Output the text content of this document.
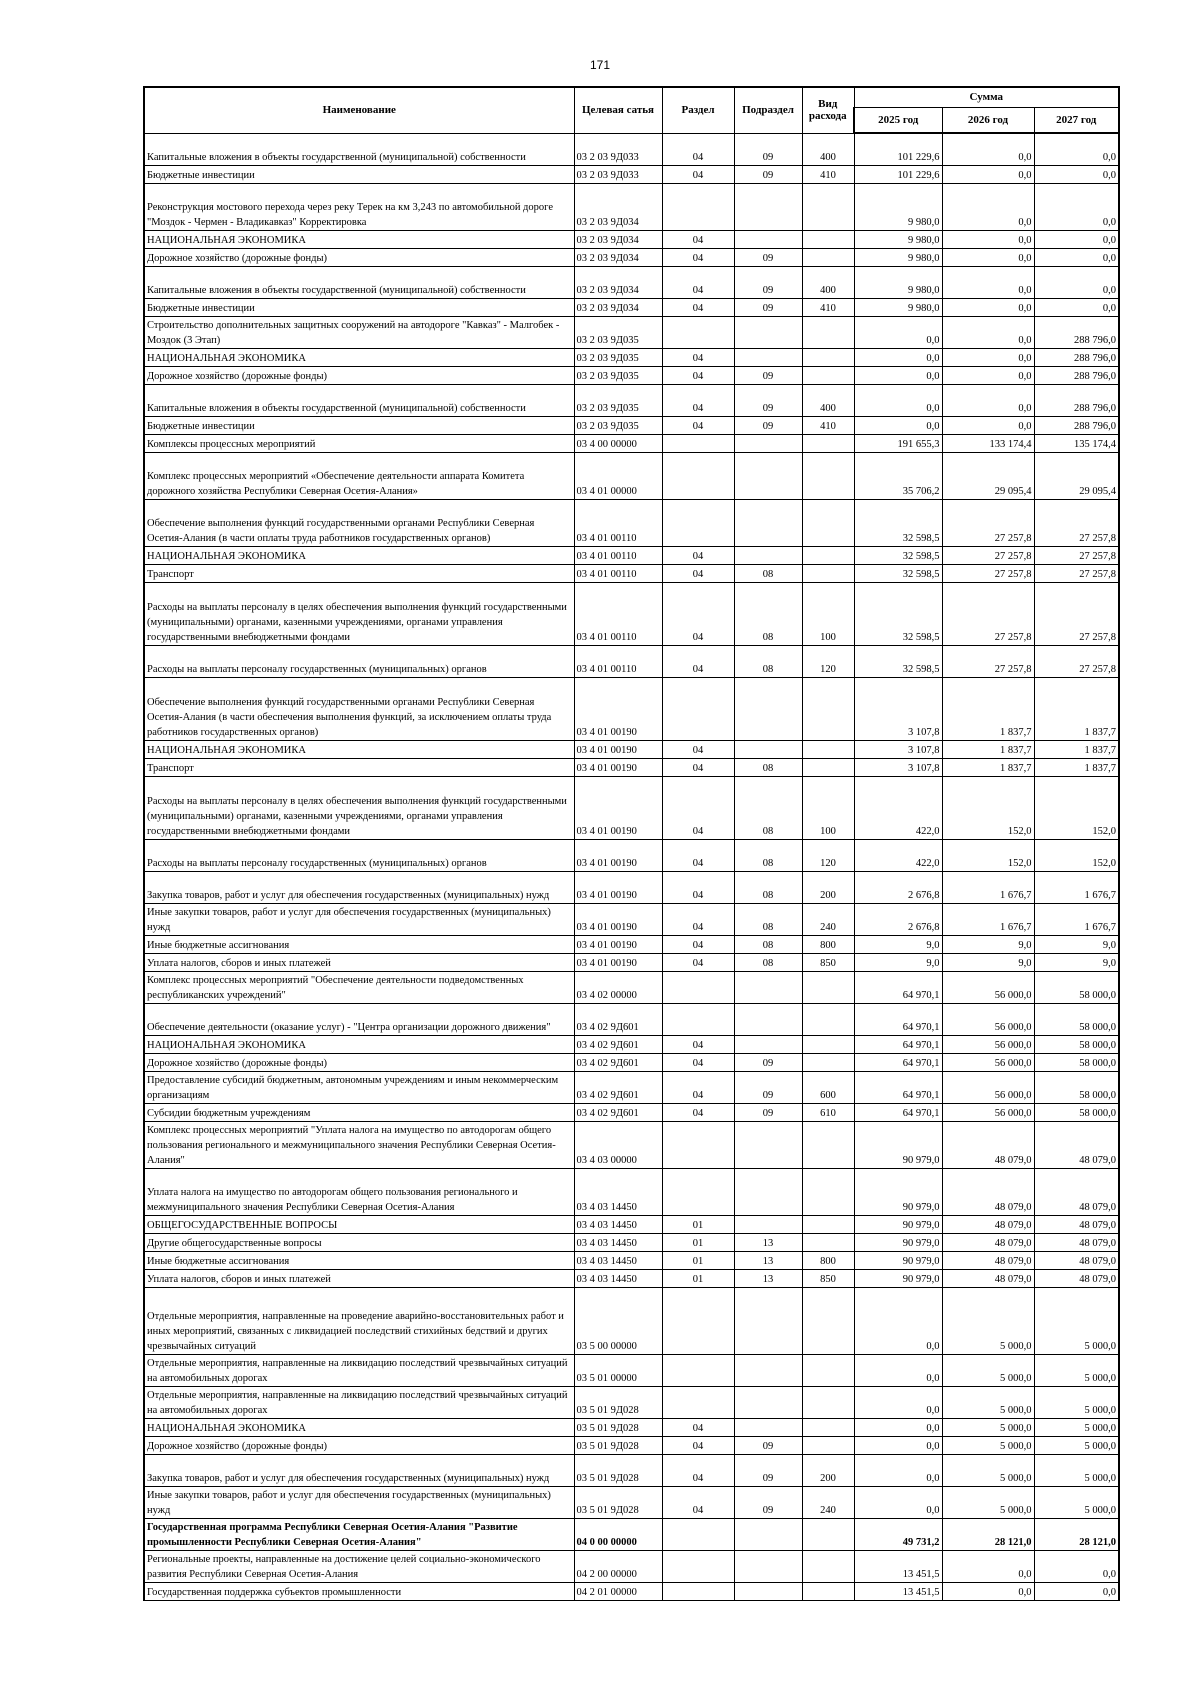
171
Наименование	Целевая сатья	Раздел	Подраздел	Вид расхода	Сумма		
					2025 год	2026 год	2027 год
Капитальные вложения в объекты государственной (муниципальной) собственности	03 2 03 9Д033	04	09	400	101 229,6	0,0	0,0
Бюджетные инвестиции	03 2 03 9Д033	04	09	410	101 229,6	0,0	0,0
Реконструкция мостового перехода через реку Терек на км 3,243 по автомобильной дороге "Моздок - Чермен - Владикавказ" Корректировка	03 2 03 9Д034				9 980,0	0,0	0,0
НАЦИОНАЛЬНАЯ ЭКОНОМИКА	03 2 03 9Д034	04			9 980,0	0,0	0,0
Дорожное хозяйство (дорожные фонды)	03 2 03 9Д034	04	09		9 980,0	0,0	0,0
Капитальные вложения в объекты государственной (муниципальной) собственности	03 2 03 9Д034	04	09	400	9 980,0	0,0	0,0
Бюджетные инвестиции	03 2 03 9Д034	04	09	410	9 980,0	0,0	0,0
Строительство дополнительных защитных сооружений на автодороге "Кавказ" - Малгобек - Моздок (3 Этап)	03 2 03 9Д035				0,0	0,0	288 796,0
НАЦИОНАЛЬНАЯ ЭКОНОМИКА	03 2 03 9Д035	04			0,0	0,0	288 796,0
Дорожное хозяйство (дорожные фонды)	03 2 03 9Д035	04	09		0,0	0,0	288 796,0
Капитальные вложения в объекты государственной (муниципальной) собственности	03 2 03 9Д035	04	09	400	0,0	0,0	288 796,0
Бюджетные инвестиции	03 2 03 9Д035	04	09	410	0,0	0,0	288 796,0
Комплексы процессных мероприятий	03 4 00 00000				191 655,3	133 174,4	135 174,4
Комплекс процессных мероприятий «Обеспечение деятельности аппарата Комитета дорожного хозяйства Республики Северная Осетия-Алания»	03 4 01 00000				35 706,2	29 095,4	29 095,4
Обеспечение выполнения функций государственными органами Республики Северная Осетия-Алания (в части оплаты труда работников государственных органов)	03 4 01 00110				32 598,5	27 257,8	27 257,8
НАЦИОНАЛЬНАЯ ЭКОНОМИКА	03 4 01 00110	04			32 598,5	27 257,8	27 257,8
Транспорт	03 4 01 00110	04	08		32 598,5	27 257,8	27 257,8
Расходы на выплаты персоналу в целях обеспечения выполнения функций государственными (муниципальными) органами, казенными учреждениями, органами управления государственными внебюджетными фондами	03 4 01 00110	04	08	100	32 598,5	27 257,8	27 257,8
Расходы на выплаты персоналу государственных (муниципальных) органов	03 4 01 00110	04	08	120	32 598,5	27 257,8	27 257,8
Обеспечение выполнения функций государственными органами Республики Северная Осетия-Алания (в части обеспечения выполнения функций, за исключением оплаты труда работников государственных органов)	03 4 01 00190				3 107,8	1 837,7	1 837,7
НАЦИОНАЛЬНАЯ ЭКОНОМИКА	03 4 01 00190	04			3 107,8	1 837,7	1 837,7
Транспорт	03 4 01 00190	04	08		3 107,8	1 837,7	1 837,7
Расходы на выплаты персоналу в целях обеспечения выполнения функций государственными (муниципальными) органами, казенными учреждениями, органами управления государственными внебюджетными фондами	03 4 01 00190	04	08	100	422,0	152,0	152,0
Расходы на выплаты персоналу государственных (муниципальных) органов	03 4 01 00190	04	08	120	422,0	152,0	152,0
Закупка товаров, работ и услуг для обеспечения государственных (муниципальных) нужд	03 4 01 00190	04	08	200	2 676,8	1 676,7	1 676,7
Иные закупки товаров, работ и услуг для обеспечения государственных (муниципальных) нужд	03 4 01 00190	04	08	240	2 676,8	1 676,7	1 676,7
Иные бюджетные ассигнования	03 4 01 00190	04	08	800	9,0	9,0	9,0
Уплата налогов, сборов и иных платежей	03 4 01 00190	04	08	850	9,0	9,0	9,0
Комплекс процессных мероприятий "Обеспечение деятельности подведомственных республиканских учреждений"	03 4 02 00000				64 970,1	56 000,0	58 000,0
Обеспечение деятельности (оказание услуг) - "Центра организации дорожного движения"	03 4 02 9Д601				64 970,1	56 000,0	58 000,0
НАЦИОНАЛЬНАЯ ЭКОНОМИКА	03 4 02 9Д601	04			64 970,1	56 000,0	58 000,0
Дорожное хозяйство (дорожные фонды)	03 4 02 9Д601	04	09		64 970,1	56 000,0	58 000,0
Предоставление субсидий бюджетным, автономным учреждениям и иным некоммерческим организациям	03 4 02 9Д601	04	09	600	64 970,1	56 000,0	58 000,0
Субсидии бюджетным учреждениям	03 4 02 9Д601	04	09	610	64 970,1	56 000,0	58 000,0
Комплекс процессных мероприятий "Уплата налога на имущество по автодорогам общего пользования регионального и межмуниципального значения Республики Северная Осетия-Алания"	03 4 03 00000				90 979,0	48 079,0	48 079,0
Уплата налога на имущество по автодорогам общего пользования регионального и межмуниципального значения Республики Северная Осетия-Алания	03 4 03 14450				90 979,0	48 079,0	48 079,0
ОБЩЕГОСУДАРСТВЕННЫЕ ВОПРОСЫ	03 4 03 14450	01			90 979,0	48 079,0	48 079,0
Другие общегосударственные вопросы	03 4 03 14450	01	13		90 979,0	48 079,0	48 079,0
Иные бюджетные ассигнования	03 4 03 14450	01	13	800	90 979,0	48 079,0	48 079,0
Уплата налогов, сборов и иных платежей	03 4 03 14450	01	13	850	90 979,0	48 079,0	48 079,0
Отдельные мероприятия, направленные на проведение аварийно-восстановительных работ и иных мероприятий, связанных с ликвидацией последствий стихийных бедствий и других чрезвычайных ситуаций	03 5 00 00000				0,0	5 000,0	5 000,0
Отдельные мероприятия, направленные на ликвидацию последствий чрезвычайных ситуаций на автомобильных дорогах	03 5 01 00000				0,0	5 000,0	5 000,0
Отдельные мероприятия, направленные на ликвидацию последствий чрезвычайных ситуаций на автомобильных дорогах	03 5 01 9Д028				0,0	5 000,0	5 000,0
НАЦИОНАЛЬНАЯ ЭКОНОМИКА	03 5 01 9Д028	04			0,0	5 000,0	5 000,0
Дорожное хозяйство (дорожные фонды)	03 5 01 9Д028	04	09		0,0	5 000,0	5 000,0
Закупка товаров, работ и услуг для обеспечения государственных (муниципальных) нужд	03 5 01 9Д028	04	09	200	0,0	5 000,0	5 000,0
Иные закупки товаров, работ и услуг для обеспечения государственных (муниципальных) нужд	03 5 01 9Д028	04	09	240	0,0	5 000,0	5 000,0
Государственная программа Республики Северная Осетия-Алания "Развитие промышленности Республики Северная Осетия-Алания"	04 0 00 00000				49 731,2	28 121,0	28 121,0
Региональные проекты, направленные на достижение целей социально-экономического развития Республики Северная Осетия-Алания	04 2 00 00000				13 451,5	0,0	0,0
Государственная поддержка субъектов промышленности	04 2 01 00000				13 451,5	0,0	0,0
